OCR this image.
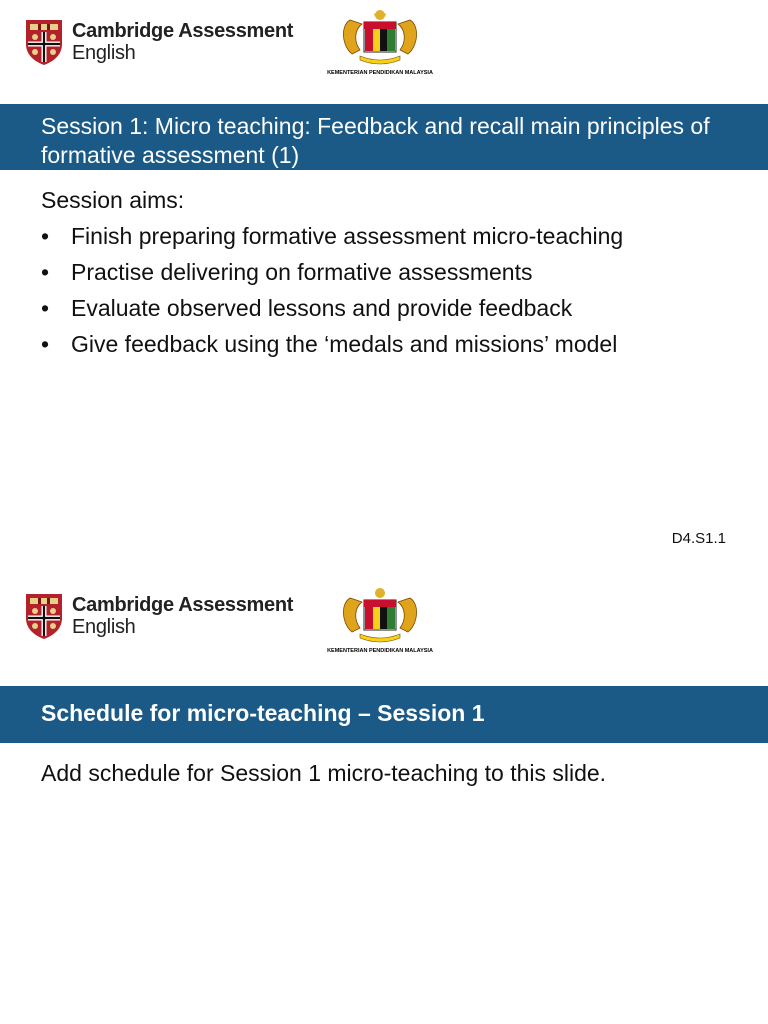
Cambridge Assessment
English
KEMENTERIAN PENDIDIKAN MALAYSIA
Session 1: Micro teaching: Feedback and recall main principles of formative assessment (1)
Session aims:
• Finish preparing formative assessment micro-teaching
• Practise delivering on formative assessments
• Evaluate observed lessons and provide feedback
• Give feedback using the ‘medals and missions’ model
D4.S1.1
Cambridge Assessment
English
KEMENTERIAN PENDIDIKAN MALAYSIA
Schedule for micro-teaching – Session 1
Add schedule for Session 1 micro-teaching to this slide.
